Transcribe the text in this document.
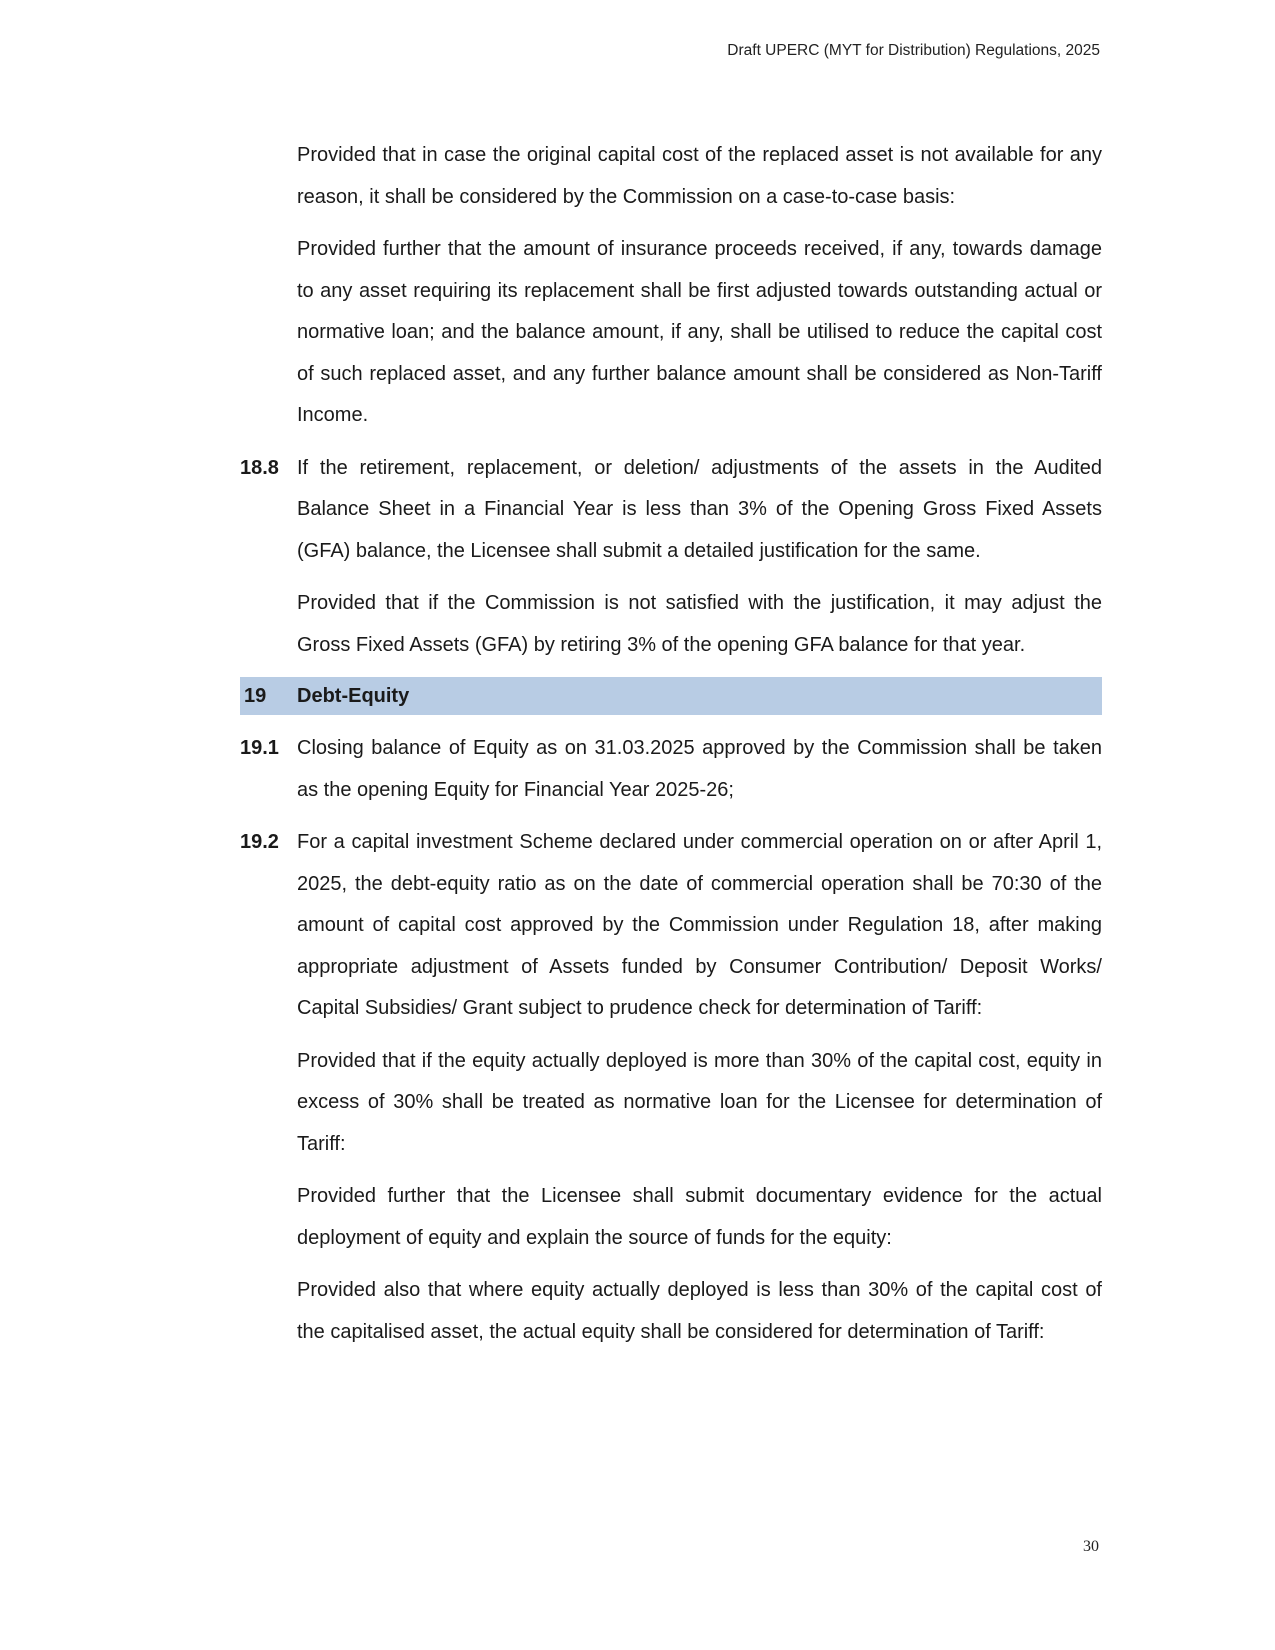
Draft UPERC (MYT for Distribution) Regulations, 2025

Provided that in case the original capital cost of the replaced asset is not available for any reason, it shall be considered by the Commission on a case-to-case basis:

Provided further that the amount of insurance proceeds received, if any, towards damage to any asset requiring its replacement shall be first adjusted towards outstanding actual or normative loan; and the balance amount, if any, shall be utilised to reduce the capital cost of such replaced asset, and any further balance amount shall be considered as Non-Tariff Income.

18.8 If the retirement, replacement, or deletion/ adjustments of the assets in the Audited Balance Sheet in a Financial Year is less than 3% of the Opening Gross Fixed Assets (GFA) balance, the Licensee shall submit a detailed justification for the same.

Provided that if the Commission is not satisfied with the justification, it may adjust the Gross Fixed Assets (GFA) by retiring 3% of the opening GFA balance for that year.

19	Debt-Equity
19.1 Closing balance of Equity as on 31.03.2025 approved by the Commission shall be taken as the opening Equity for Financial Year 2025-26;
19.2 For a capital investment Scheme declared under commercial operation on or after April 1, 2025, the debt-equity ratio as on the date of commercial operation shall be 70:30 of the amount of capital cost approved by the Commission under Regulation 18, after making appropriate adjustment of Assets funded by Consumer Contribution/ Deposit Works/ Capital Subsidies/ Grant subject to prudence check for determination of Tariff:

Provided that if the equity actually deployed is more than 30% of the capital cost, equity in excess of 30% shall be treated as normative loan for the Licensee for determination of Tariff:

Provided further that the Licensee shall submit documentary evidence for the actual deployment of equity and explain the source of funds for the equity:

Provided also that where equity actually deployed is less than 30% of the capital cost of the capitalised asset, the actual equity shall be considered for determination of Tariff:

30
